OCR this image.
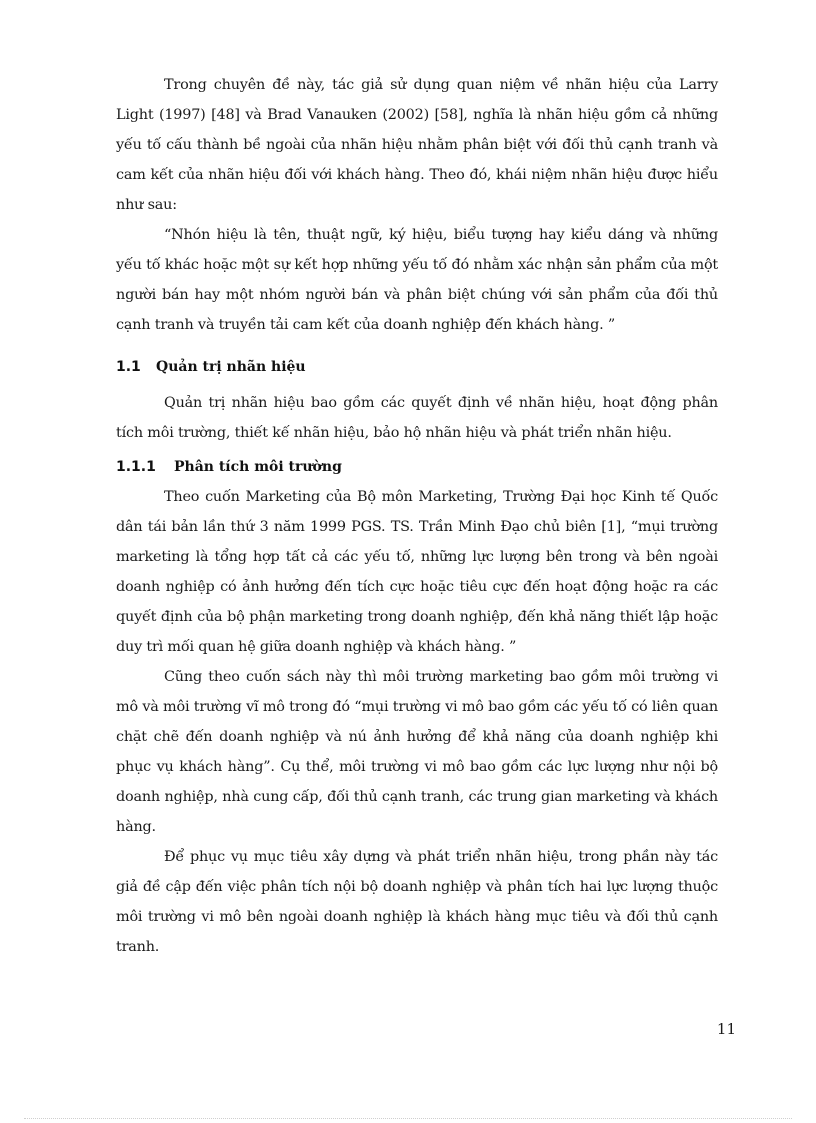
Trong chuyên đề này, tác giả sử dụng quan niệm về nhãn hiệu của Larry Light (1997) [48] và Brad Vanauken (2002) [58], nghĩa là nhãn hiệu gồm cả những yếu tố cấu thành bề ngoài của nhãn hiệu nhằm phân biệt với đối thủ cạnh tranh và cam kết của nhãn hiệu đối với khách hàng. Theo đó, khái niệm nhãn hiệu được hiểu như sau:

“Nhón hiệu là tên, thuật ngữ, ký hiệu, biểu tượng hay kiểu dáng và những yếu tố khác hoặc một sự kết hợp những yếu tố đó nhằm xác nhận sản phẩm của một người bán hay một nhóm người bán và phân biệt chúng với sản phẩm của đối thủ cạnh tranh và truyền tải cam kết của doanh nghiệp đến khách hàng. ”

1.1 Quản trị nhãn hiệu

Quản trị nhãn hiệu bao gồm các quyết định về nhãn hiệu, hoạt động phân tích môi trường, thiết kế nhãn hiệu, bảo hộ nhãn hiệu và phát triển nhãn hiệu.

1.1.1 Phân tích môi trường

Theo cuốn Marketing của Bộ môn Marketing, Trường Đại học Kinh tế Quốc dân tái bản lần thứ 3 năm 1999 PGS. TS. Trần Minh Đạo chủ biên [1], “mụi trường marketing là tổng hợp tất cả các yếu tố, những lực lượng bên trong và bên ngoài doanh nghiệp có ảnh hưởng đến tích cực hoặc tiêu cực đến hoạt động hoặc ra các quyết định của bộ phận marketing trong doanh nghiệp, đến khả năng thiết lập hoặc duy trì mối quan hệ giữa doanh nghiệp và khách hàng. ”

Cũng theo cuốn sách này thì môi trường marketing bao gồm môi trường vi mô và môi trường vĩ mô trong đó “mụi trường vi mô bao gồm các yếu tố có liên quan chặt chẽ đến doanh nghiệp và nú ảnh hưởng để khả năng của doanh nghiệp khi phục vụ khách hàng”. Cụ thể, môi trường vi mô bao gồm các lực lượng như nội bộ doanh nghiệp, nhà cung cấp, đối thủ cạnh tranh, các trung gian marketing và khách hàng.

Để phục vụ mục tiêu xây dựng và phát triển nhãn hiệu, trong phần này tác giả đề cập đến việc phân tích nội bộ doanh nghiệp và phân tích hai lực lượng thuộc môi trường vi mô bên ngoài doanh nghiệp là khách hàng mục tiêu và đối thủ cạnh tranh.

11
